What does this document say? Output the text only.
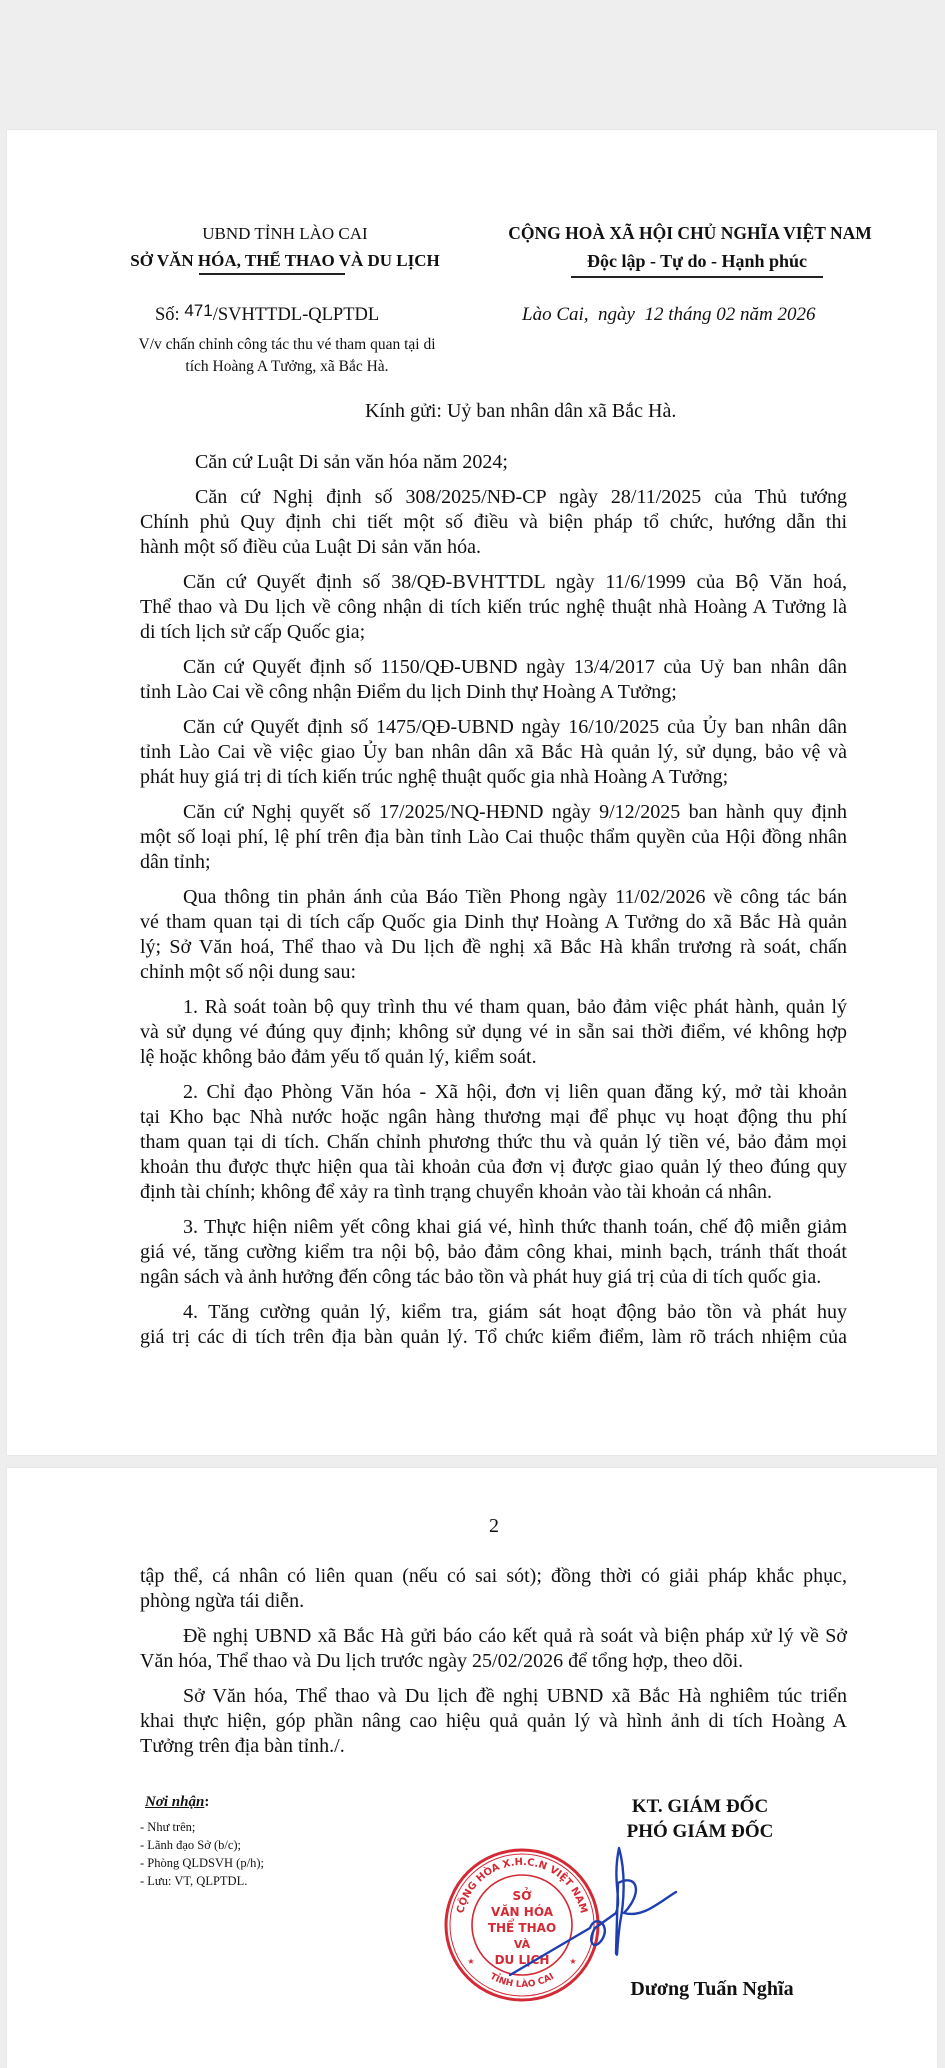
UBND TỈNH LÀO CAI
SỞ VĂN HÓA, THỂ THAO VÀ DU LỊCH
CỘNG HOÀ XÃ HỘI CHỦ NGHĨA VIỆT NAM
Độc lập - Tự do - Hạnh phúc
Số: 471/SVHTTDL-QLPTDL	Lào Cai,  ngày  12 tháng 02 năm 2026
V/v chấn chỉnh công tác thu vé tham quan tại di
tích Hoàng A Tưởng, xã Bắc Hà.
Kính gửi: Uỷ ban nhân dân xã Bắc Hà.
Căn cứ Luật Di sản văn hóa năm 2024;
Căn cứ Nghị định số 308/2025/NĐ-CP ngày 28/11/2025 của Thủ tướng
Chính phủ Quy định chi tiết một số điều và biện pháp tổ chức, hướng dẫn thi
hành một số điều của Luật Di sản văn hóa.
Căn cứ Quyết định số 38/QĐ-BVHTTDL ngày 11/6/1999 của Bộ Văn hoá,
Thể thao và Du lịch về công nhận di tích kiến trúc nghệ thuật nhà Hoàng A Tưởng là
di tích lịch sử cấp Quốc gia;
Căn cứ Quyết định số 1150/QĐ-UBND ngày 13/4/2017 của Uỷ ban nhân dân
tỉnh Lào Cai về công nhận Điểm du lịch Dinh thự Hoàng A Tưởng;
Căn cứ Quyết định số 1475/QĐ-UBND ngày 16/10/2025 của Ủy ban nhân dân
tỉnh Lào Cai về việc giao Ủy ban nhân dân xã Bắc Hà quản lý, sử dụng, bảo vệ và
phát huy giá trị di tích kiến trúc nghệ thuật quốc gia nhà Hoàng A Tưởng;
Căn cứ Nghị quyết số 17/2025/NQ-HĐND ngày 9/12/2025 ban hành quy định
một số loại phí, lệ phí trên địa bàn tỉnh Lào Cai thuộc thẩm quyền của Hội đồng nhân
dân tỉnh;
Qua thông tin phản ánh của Báo Tiền Phong ngày 11/02/2026 về công tác bán
vé tham quan tại di tích cấp Quốc gia Dinh thự Hoàng A Tưởng do xã Bắc Hà quản
lý; Sở Văn hoá, Thể thao và Du lịch đề nghị xã Bắc Hà khẩn trương rà soát, chấn
chỉnh một số nội dung sau:
1. Rà soát toàn bộ quy trình thu vé tham quan, bảo đảm việc phát hành, quản lý
và sử dụng vé đúng quy định; không sử dụng vé in sẵn sai thời điểm, vé không hợp
lệ hoặc không bảo đảm yếu tố quản lý, kiểm soát.
2. Chỉ đạo Phòng Văn hóa - Xã hội, đơn vị liên quan đăng ký, mở tài khoản
tại Kho bạc Nhà nước hoặc ngân hàng thương mại để phục vụ hoạt động thu phí
tham quan tại di tích. Chấn chỉnh phương thức thu và quản lý tiền vé, bảo đảm mọi
khoản thu được thực hiện qua tài khoản của đơn vị được giao quản lý theo đúng quy
định tài chính; không để xảy ra tình trạng chuyển khoản vào tài khoản cá nhân.
3. Thực hiện niêm yết công khai giá vé, hình thức thanh toán, chế độ miễn giảm
giá vé, tăng cường kiểm tra nội bộ, bảo đảm công khai, minh bạch, tránh thất thoát
ngân sách và ảnh hưởng đến công tác bảo tồn và phát huy giá trị của di tích quốc gia.
4. Tăng cường quản lý, kiểm tra, giám sát hoạt động bảo tồn và phát huy
giá trị các di tích trên địa bàn quản lý. Tổ chức kiểm điểm, làm rõ trách nhiệm của
2
tập thể, cá nhân có liên quan (nếu có sai sót); đồng thời có giải pháp khắc phục,
phòng ngừa tái diễn.
Đề nghị UBND xã Bắc Hà gửi báo cáo kết quả rà soát và biện pháp xử lý về Sở
Văn hóa, Thể thao và Du lịch trước ngày 25/02/2026 để tổng hợp, theo dõi.
Sở Văn hóa, Thể thao và Du lịch đề nghị UBND xã Bắc Hà nghiêm túc triển
khai thực hiện, góp phần nâng cao hiệu quả quản lý và hình ảnh di tích Hoàng A
Tưởng trên địa bàn tỉnh./.
Nơi nhận:
- Như trên;
- Lãnh đạo Sở (b/c);
- Phòng QLDSVH (p/h);
- Lưu: VT, QLPTDL.
KT. GIÁM ĐỐC
PHÓ GIÁM ĐỐC
CỘNG HÒA X.H.C.N VIỆT NAM
TỈNH LÀO CAI
SỞ
VĂN HÓA
THỂ THAO
VÀ
DU LỊCH
★	★
Dương Tuấn Nghĩa
